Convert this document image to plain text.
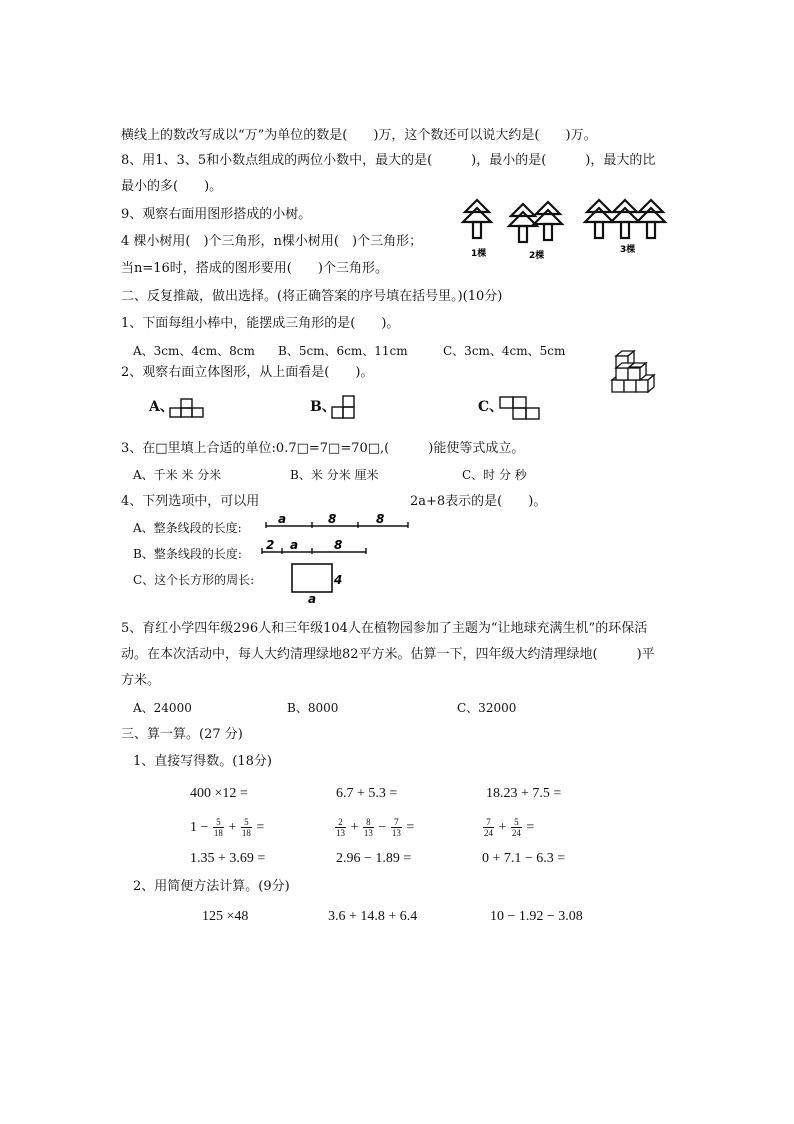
横线上的数改写成以“万”为单位的数是(　　)万，这个数还可以说大约是(　　)万。
8、用1、3、5和小数点组成的两位小数中，最大的是(　　　)，最小的是(　　　)，最大的比
最小的多(　　)。
9、观察右面用图形搭成的小树。
4 棵小树用(　)个三角形，n棵小树用(　)个三角形；
当n=16时，搭成的图形要用(　　)个三角形。
1棵	2棵
3棵
二、反复推敲，做出选择。(将正确答案的序号填在括号里。)(10分)
1、下面每组小棒中，能摆成三角形的是(　　)。
A、3cm、4cm、8cm B、5cm、6cm、11cm	C、3cm、4cm、5cm
2、观察右面立体图形，从上面看是(　　)。
A、	B、	C、
3、在□里填上合适的单位:0.7□=7□=70□,(　　　)能使等式成立。
A、千米 米 分米	B、米 分米 厘米	C、时 分 秒
4、下列选项中，可以用	2a+8表示的是(　　)。
A、整条线段的长度:
a	8	8
B、整条线段的长度:
2 a	8
C、这个长方形的周长:	4
a
5、育红小学四年级296人和三年级104人在植物园参加了主题为“让地球充满生机”的环保活
动。在本次活动中，每人大约清理绿地82平方米。估算一下，四年级大约清理绿地(　　　)平
方米。
A、24000	B、8000	C、32000
三、算一算。(27 分)
1、直接写得数。(18分)
400 ×12 =	6.7 + 5.3 =	18.23 + 7.5 =
$1 - \frac{5}{18} + \frac{5}{18}$ =	$\frac{2}{13} + \frac{8}{13} - \frac{7}{13}$ =	$\frac{7}{24} + \frac{5}{24}$ =
1.35 + 3.69 =	2.96 − 1.89 =	0 + 7.1 − 6.3 =
2、用简便方法计算。(9分)
125 ×48	3.6 + 14.8 + 6.4	10 − 1.92 − 3.08
